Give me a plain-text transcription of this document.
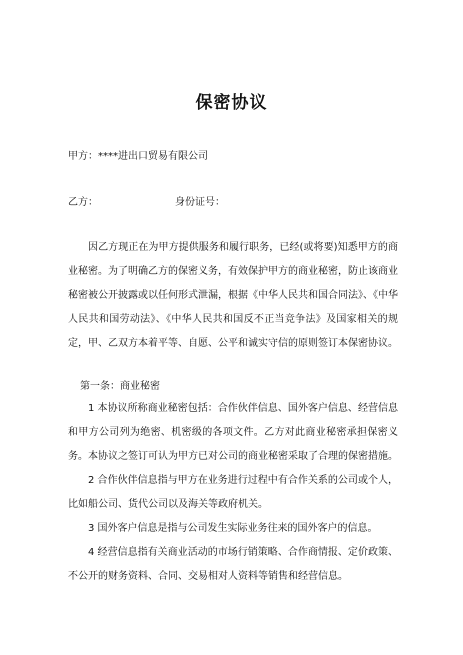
保密协议

甲方：****进出口贸易有限公司

乙方：	身份证号：

因乙方现正在为甲方提供服务和履行职务，已经(或将要)知悉甲方的商业秘密。为了明确乙方的保密义务，有效保护甲方的商业秘密，防止该商业秘密被公开披露或以任何形式泄漏，根据《中华人民共和国合同法》、《中华人民共和国劳动法》、《中华人民共和国反不正当竞争法》及国家相关的规定，甲、乙双方本着平等、自愿、公平和诚实守信的原则签订本保密协议。

第一条：商业秘密

1 本协议所称商业秘密包括：合作伙伴信息、国外客户信息、经营信息和甲方公司列为绝密、机密级的各项文件。乙方对此商业秘密承担保密义务。 本协议之签订可认为甲方已对公司的商业秘密采取了合理的保密措施。

2 合作伙伴信息指与甲方在业务进行过程中有合作关系的公司或个人，比如船公司、货代公司以及海关等政府机关。

3 国外客户信息是指与公司发生实际业务往来的国外客户的信息。

4 经营信息指有关商业活动的市场行销策略、合作商情报、定价政策、不公开的财务资料、合同、交易相对人资料等销售和经营信息。
